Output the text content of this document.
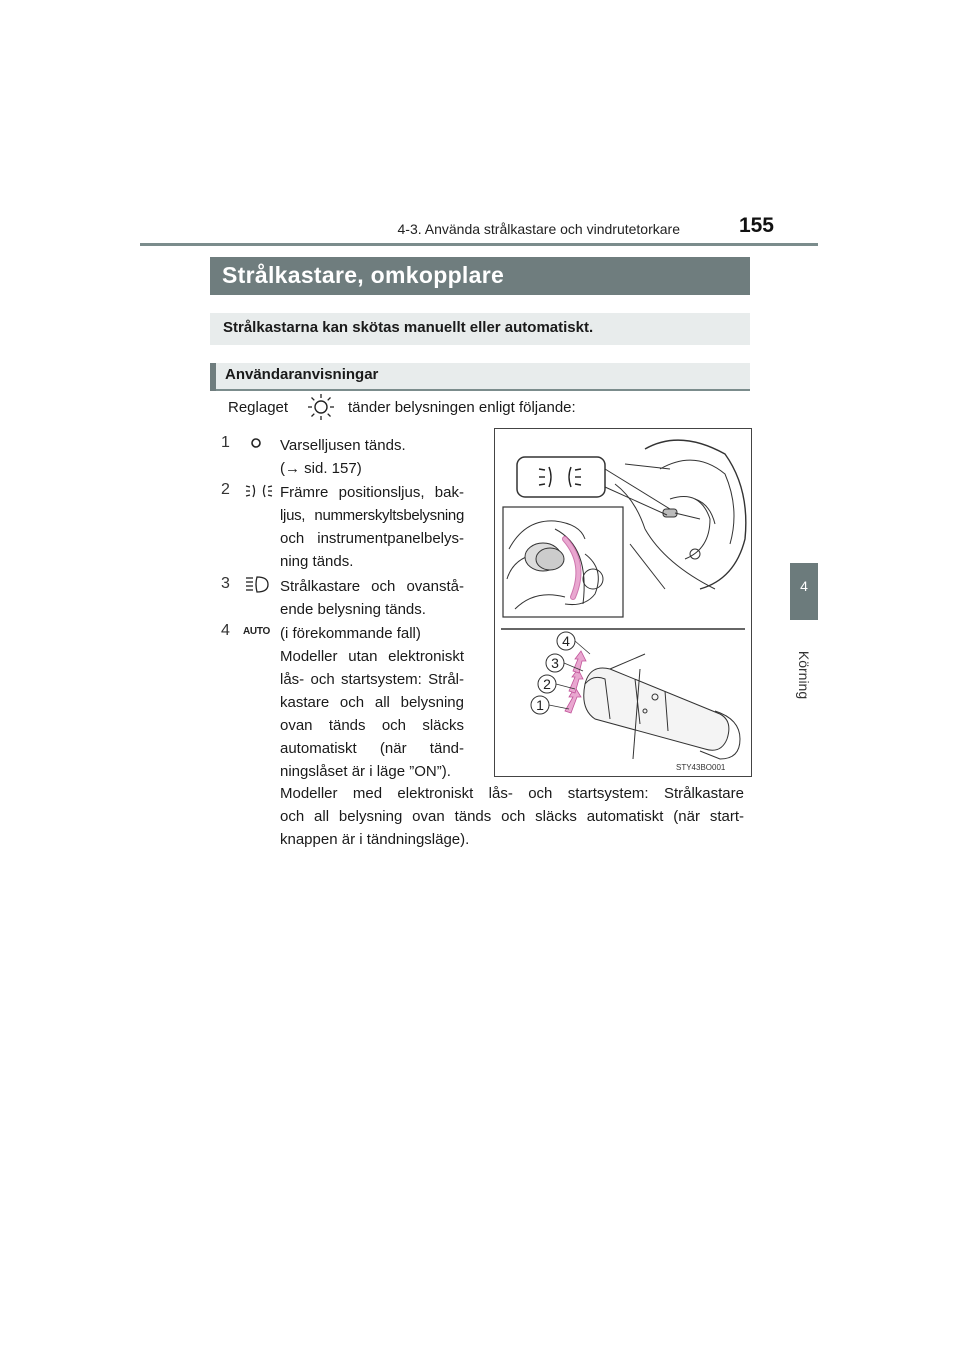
4-3. Använda strålkastare och vindrutetorkare	155
4
Körning
Strålkastare, omkopplare
Strålkastarna kan skötas manuellt eller automatiskt.
Användaranvisningar
Reglaget	tänder belysningen enligt följande:
1	Varselljusen tänds.
(→ sid. 157)
2	Främre positionsljus, bak-
ljus, nummerskyltsbelysning
och instrumentpanelbelys-
ning tänds.
3	Strålkastare och ovanstå-
ende belysning tänds.
4 AUTO (i förekommande fall)
Modeller utan elektroniskt
lås- och startsystem: Strål-
kastare och all belysning
ovan tänds och släcks
automatiskt (när tänd-
ningslåset är i läge ”ON”).
4
3
2
1
STY43BO001
Modeller med elektroniskt lås- och startsystem: Strålkastare
och all belysning ovan tänds och släcks automatiskt (när start-
knappen är i tändningsläge).
